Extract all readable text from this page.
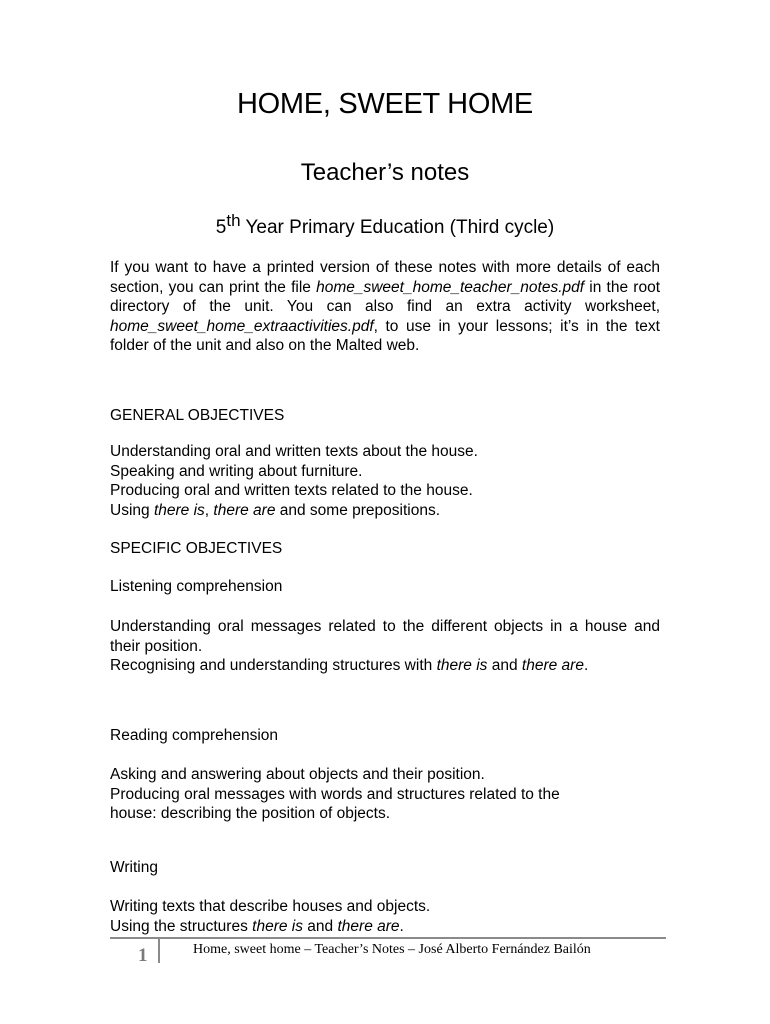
HOME, SWEET HOME
Teacher’s notes
5th Year Primary Education (Third cycle)
If you want to have a printed version of these notes with more details of each section, you can print the file home_sweet_home_teacher_notes.pdf in the root directory of the unit. You can also find an extra activity worksheet, home_sweet_home_extraactivities.pdf, to use in your lessons; it’s in the text folder of the unit and also on the Malted web.
GENERAL OBJECTIVES
Understanding oral and written texts about the house.
Speaking and writing about furniture.
Producing oral and written texts related to the house.
Using there is, there are and some prepositions.
SPECIFIC OBJECTIVES
Listening comprehension
Understanding oral messages related to the different objects in a house and their position.
Recognising and understanding structures with there is and there are.
Reading comprehension
Asking and answering about objects and their position.
Producing oral messages with words and structures related to the
house: describing the position of objects.
Writing
Writing texts that describe houses and objects.
Using the structures there is and there are.
1	Home, sweet home – Teacher’s Notes – José Alberto Fernández Bailón
